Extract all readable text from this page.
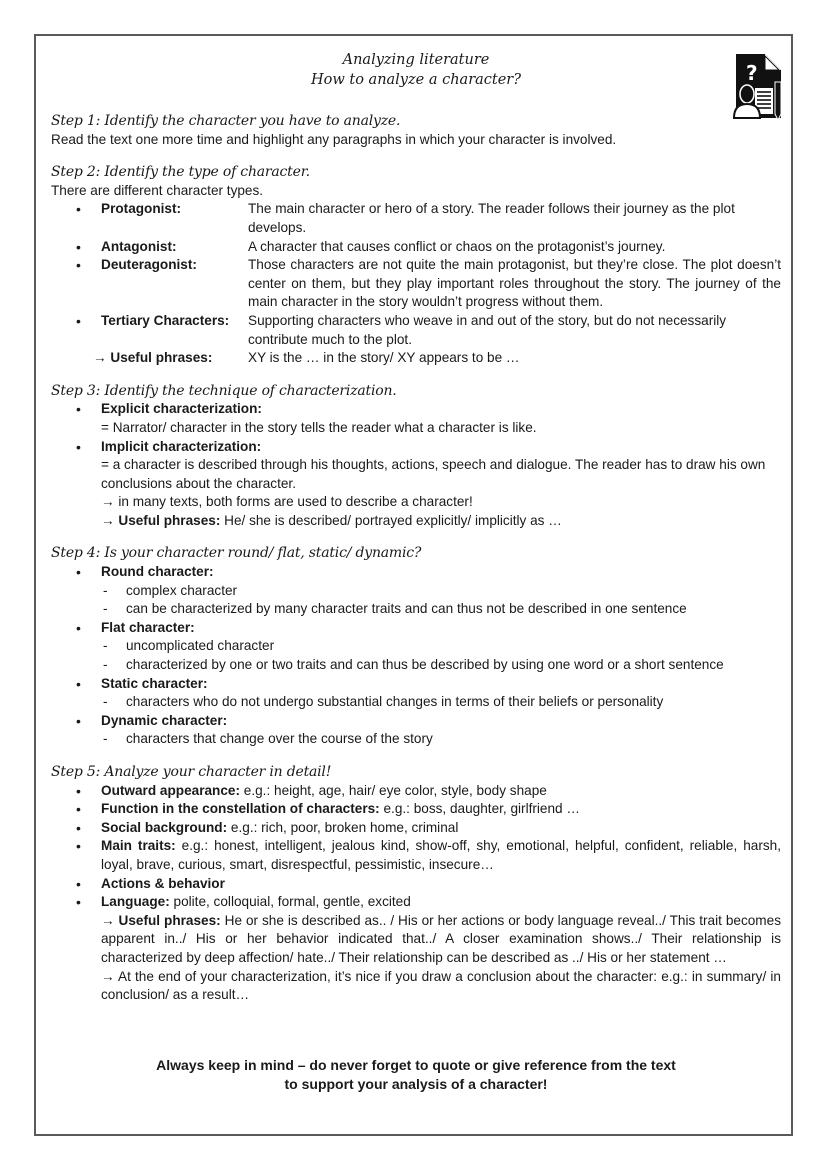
?
Analyzing literature
How to analyze a character?
Step 1: Identify the character you have to analyze.

Read the text one more time and highlight any paragraphs in which your character is involved.

Step 2: Identify the type of character.

There are different character types.

• Protagonist:	The main character or hero of a story. The reader follows their journey as the plot develops.
• Antagonist:	A character that causes conflict or chaos on the protagonist’s journey.
• Deuteragonist:	Those characters are not quite the main protagonist, but they’re close. The plot doesn’t center on them, but they play important roles throughout the story. The journey of the main character in the story wouldn’t progress without them.
• Tertiary Characters:	Supporting characters who weave in and out of the story, but do not necessarily contribute much to the plot.
→ Useful phrases:	XY is the … in the story/ XY appears to be …
Step 3: Identify the technique of characterization.
• Explicit characterization:

= Narrator/ character in the story tells the reader what a character is like.

• Implicit characterization:

= a character is described through his thoughts, actions, speech and dialogue. The reader has to draw his own conclusions about the character.

→ in many texts, both forms are used to describe a character!

→ Useful phrases: He/ she is described/ portrayed explicitly/ implicitly as …

Step 4: Is your character round/ flat, static/ dynamic?
• Round character:
- complex character
- can be characterized by many character traits and can thus not be described in one sentence
• Flat character:
- uncomplicated character
- characterized by one or two traits and can thus be described by using one word or a short sentence
• Static character:
- characters who do not undergo substantial changes in terms of their beliefs or personality
• Dynamic character:
- characters that change over the course of the story
Step 5: Analyze your character in detail!
• Outward appearance: e.g.: height, age, hair/ eye color, style, body shape
• Function in the constellation of characters: e.g.: boss, daughter, girlfriend …
• Social background: e.g.: rich, poor, broken home, criminal
• Main traits: e.g.: honest, intelligent, jealous kind, show-off, shy, emotional, helpful, confident, reliable, harsh, loyal, brave, curious, smart, disrespectful, pessimistic, insecure…
• Actions & behavior
• Language: polite, colloquial, formal, gentle, excited

→ Useful phrases: He or she is described as.. / His or her actions or body language reveal../ This trait becomes apparent in../ His or her behavior indicated that../ A closer examination shows../ Their relationship is characterized by deep affection/ hate../ Their relationship can be described as ../ His or her statement …

→ At the end of your characterization, it’s nice if you draw a conclusion about the character: e.g.: in summary/ in conclusion/ as a result…

Always keep in mind – do never forget to quote or give reference from the text
to support your analysis of a character!
